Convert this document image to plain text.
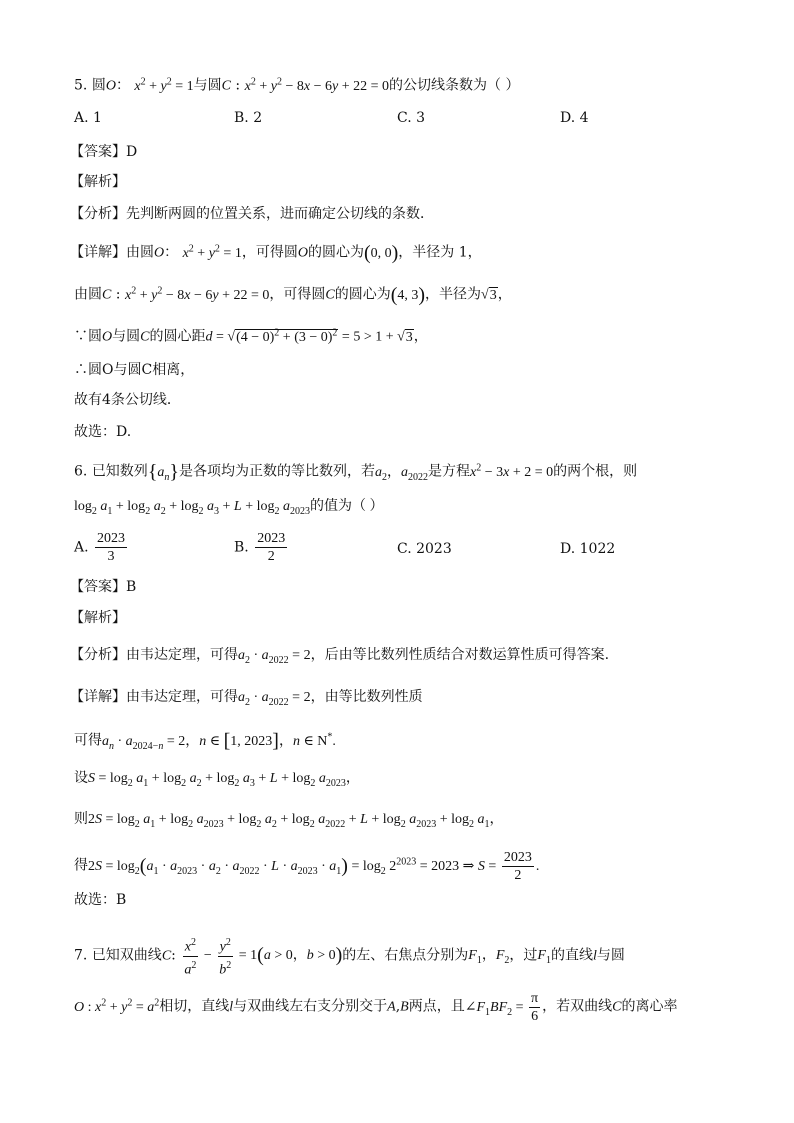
5. 圆O： $x^2 + y^2 = 1$与圆C : $x^2 + y^2 - 8x - 6y + 22 = 0$的公切线条数为（ ）
A. 1	B. 2	C. 3	D. 4
【答案】D
【解析】
【分析】先判断两圆的位置关系，进而确定公切线的条数．
【详解】由圆O： $x^2 + y^2 = 1$，可得圆O的圆心为(0, 0)，半径为 1，
由圆C : $x^2 + y^2 - 8x - 6y + 22 = 0$，可得圆C的圆心为(4, 3)，半径为√3，
∵圆O与圆C的圆心距$d = √(4 - 0)^2 + (3 - 0)^2 = 5 > 1 + √3$，
∴圆O与圆C相离，
故有4条公切线．
故选：D.
6. 已知数列$\{a_n\}$是各项均为正数的等比数列，若$a_2$，$a_{2022}$是方程$x^2 - 3x + 2 = 0$的两个根，则
$\log_2 a_1 + \log_2 a_2 + \log_2 a_3 + L + \log_2 a_{2023}$的值为（ ）
A. $\frac{2023}{3}$	B. $\frac{2023}{2}$	C. 2023	D. 1022
【答案】B
【解析】
【分析】由韦达定理，可得$a_2 \cdot a_{2022} = 2$，后由等比数列性质结合对数运算性质可得答案.
【详解】由韦达定理，可得$a_2 \cdot a_{2022} = 2$，由等比数列性质
可得$a_n \cdot a_{2024-n} = 2$，n ∈ [1, 2023]，n ∈ N*.
设$S = \log_2 a_1 + \log_2 a_2 + \log_2 a_3 + L + \log_2 a_{2023}$，
则$2S = \log_2 a_1 + \log_2 a_{2023} + \log_2 a_2 + \log_2 a_{2022} + L + \log_2 a_{2023} + \log_2 a_1$，
得$2S = \log_2(a_1 \cdot a_{2023} \cdot a_2 \cdot a_{2022} \cdot L \cdot a_{2023} \cdot a_1) = \log_2 2^{2023} = 2023$ ⇒ $S = \frac{2023}{2}$ .
故选：B
7. 已知双曲线C: $\frac{x^2}{a^2} - \frac{y^2}{b^2} = 1(a > 0$，b > 0)的左、右焦点分别为$F_1$，$F_2$，过$F_1$的直线l与圆
O : $x^2 + y^2 = a^2$相切，直线l与双曲线左右支分别交于A,B两点，且$\angle F_1BF_2 = \frac{\pi}{6}$ ，若双曲线C的离心率
